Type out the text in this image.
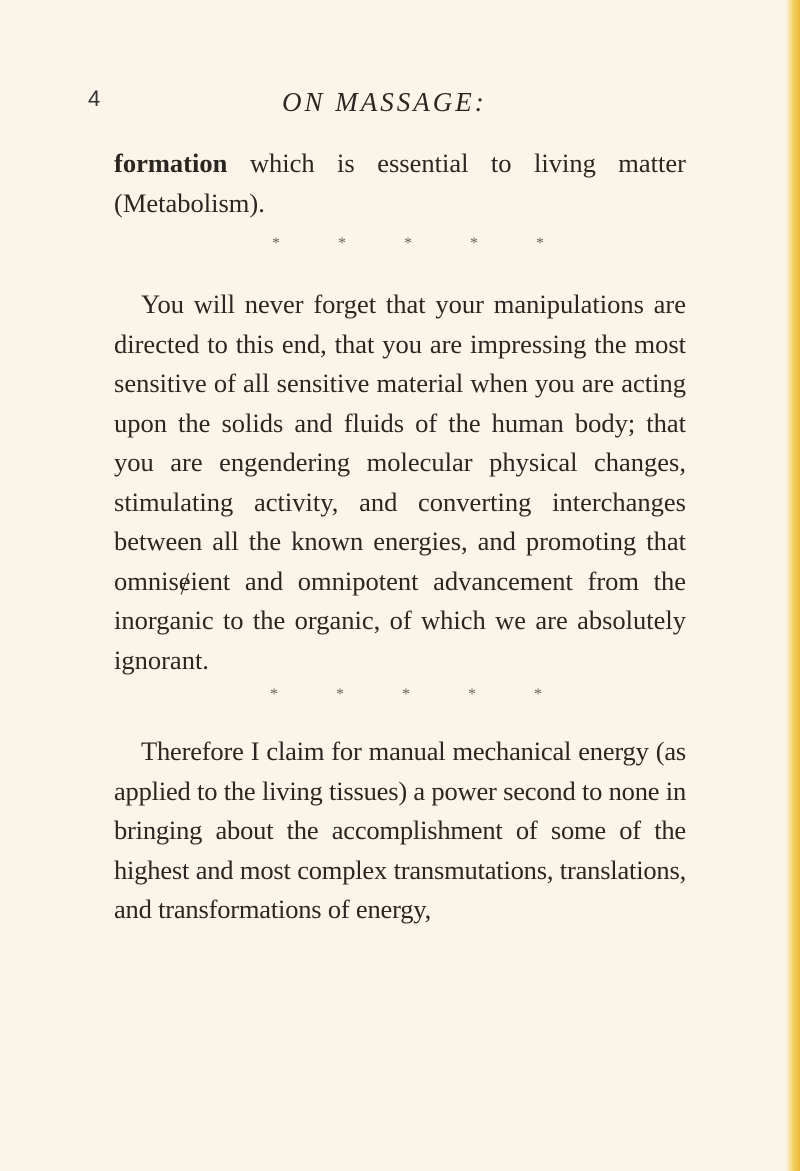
4	ON MASSAGE:

formation which is essential to living matter (Metabolism).

*	*	*	*	*

You will never forget that your manipulations are directed to this end, that you are impressing the most sensitive of all sensitive material when you are acting upon the solids and fluids of the human body; that you are engendering molecular physical changes, stimulating activity, and converting interchanges between all the known energies, and promoting that omnisɇient and omnipotent advancement from the inorganic to the organic, of which we are absolutely ignorant.

*	*	*	*	*

Therefore I claim for manual mechanical energy (as applied to the living tissues) a power second to none in bringing about the accomplishment of some of the highest and most complex transmutations, translations, and transformations of energy,
